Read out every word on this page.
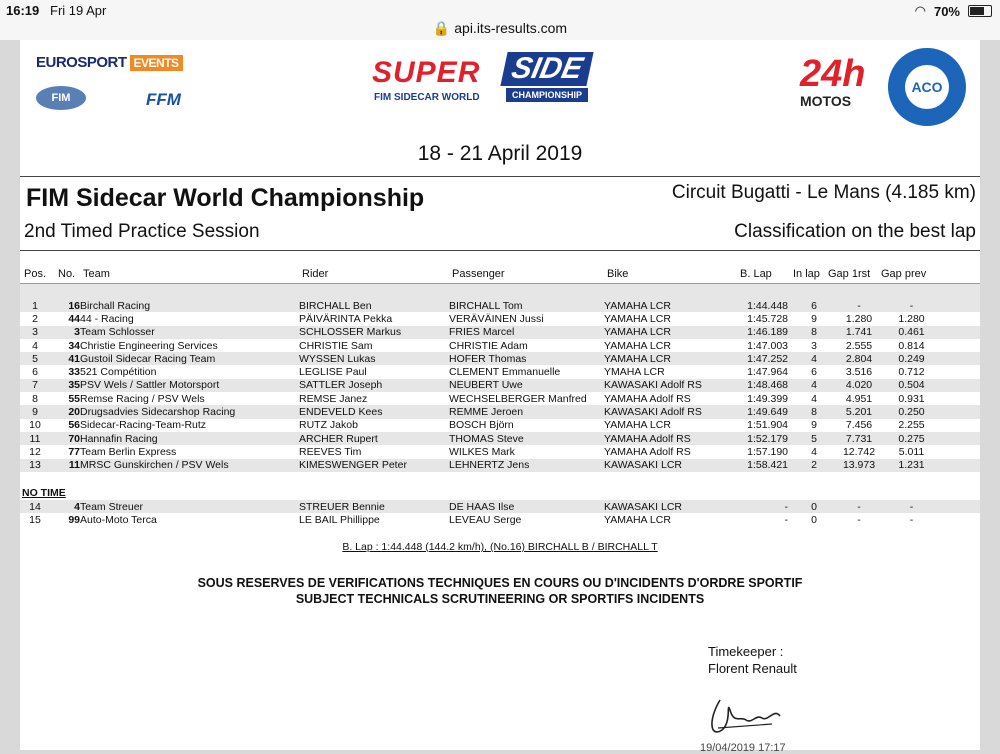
16:19 Fri 19 Apr	◠ 70%
🔒 api.its-results.com
EUROSPORT EVENTS
FIM	FFM
SUPER SIDE
FIM SIDECAR WORLD	CHAMPIONSHIP	24h
MOTOS
ACO
18 - 21 April 2019
FIM Sidecar World Championship	Circuit Bugatti - Le Mans (4.185 km)
2nd Timed Practice Session	Classification on the best lap
Pos. No. Team	Rider	Passenger	Bike	B. Lap In lap Gap 1rst Gap prev
1	16	Birchall Racing	BIRCHALL Ben	BIRCHALL Tom	YAMAHA LCR	1:44.448	6	-	-	
2	44	44 - Racing	PÄIVÄRINTA Pekka	VERÄVÄINEN Jussi	YAMAHA LCR	1:45.728	9	1.280	1.280	
3	3	Team Schlosser	SCHLOSSER Markus	FRIES Marcel	YAMAHA LCR	1:46.189	8	1.741	0.461	
4	34	Christie Engineering Services	CHRISTIE Sam	CHRISTIE Adam	YAMAHA LCR	1:47.003	3	2.555	0.814	
5	41	Gustoil Sidecar Racing Team	WYSSEN Lukas	HOFER Thomas	YAMAHA LCR	1:47.252	4	2.804	0.249	
6	33	521 Compétition	LEGLISE Paul	CLEMENT Emmanuelle	YMAHA LCR	1:47.964	6	3.516	0.712	
7	35	PSV Wels / Sattler Motorsport	SATTLER Joseph	NEUBERT Uwe	KAWASAKI Adolf RS	1:48.468	4	4.020	0.504	
8	55	Remse Racing / PSV Wels	REMSE Janez	WECHSELBERGER Manfred	YAMAHA Adolf RS	1:49.399	4	4.951	0.931	
9	20	Drugsadvies Sidecarshop Racing	ENDEVELD Kees	REMME Jeroen	KAWASAKI Adolf RS	1:49.649	8	5.201	0.250	
10	56	Sidecar-Racing-Team-Rutz	RUTZ Jakob	BOSCH Björn	YAMAHA LCR	1:51.904	9	7.456	2.255	
11	70	Hannafin Racing	ARCHER Rupert	THOMAS Steve	YAMAHA Adolf RS	1:52.179	5	7.731	0.275	
12	77	Team Berlin Express	REEVES Tim	WILKES Mark	YAMAHA Adolf RS	1:57.190	4	12.742	5.011	
13	11	MRSC Gunskirchen / PSV Wels	KIMESWENGER Peter	LEHNERTZ Jens	KAWASAKI LCR	1:58.421	2	13.973	1.231	
NO TIME
14	4	Team Streuer	STREUER Bennie	DE HAAS Ilse	KAWASAKI LCR	-	0	-	-	
15	99	Auto-Moto Terca	LE BAIL Phillippe	LEVEAU Serge	YAMAHA LCR	-	0	-	-	
B. Lap : 1:44.448 (144.2 km/h), (No.16) BIRCHALL B / BIRCHALL T
SOUS RESERVES DE VERIFICATIONS TECHNIQUES EN COURS OU D'INCIDENTS D'ORDRE SPORTIF
SUBJECT TECHNICALS SCRUTINEERING OR SPORTIFS INCIDENTS
Timekeeper :
Florent Renault
19/04/2019 17:17
